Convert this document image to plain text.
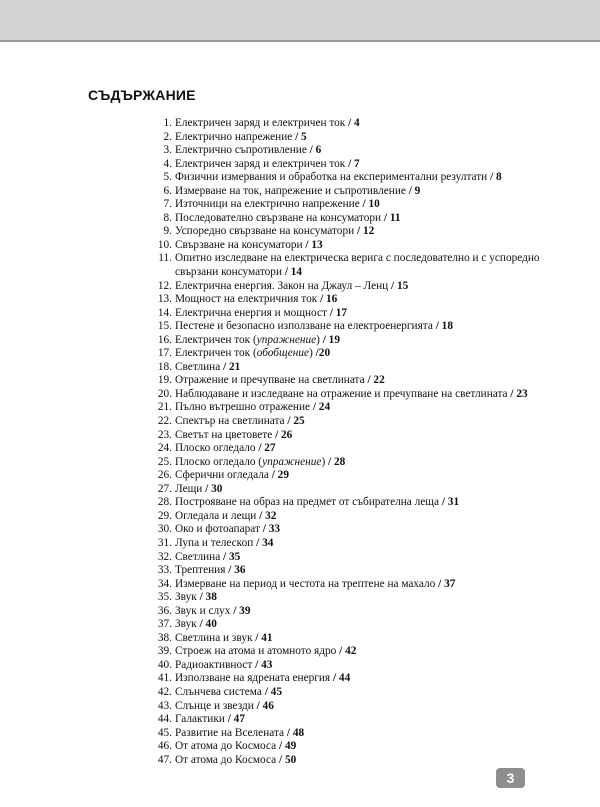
СЪДЪРЖАНИЕ
1. Електричен заряд и електричен ток / 4
2. Електрично напрежение / 5
3. Електрично съпротивление / 6
4. Електричен заряд и електричен ток / 7
5. Физични измервания и обработка на експериментални резултати / 8
6. Измерване на ток, напрежение и съпротивление / 9
7. Източници на електрично напрежение / 10
8. Последователно свързване на консуматори / 11
9. Успоредно свързване на консуматори / 12
10. Свързване на консуматори / 13
11. Опитно изследване на електрическа верига с последователно и с успоредно свързани консуматори / 14
12. Електрична енергия. Закон на Джаул – Ленц / 15
13. Мощност на електричния ток / 16
14. Електрична енергия и мощност / 17
15. Пестене и безопасно използване на електроенергията / 18
16. Електричен ток (упражнение) / 19
17. Електричен ток (обобщение) /20
18. Светлина / 21
19. Отражение и пречупване на светлината / 22
20. Наблюдаване и изследване на отражение и пречупване на светлината / 23
21. Пълно вътрешно отражение / 24
22. Спектър на светлината / 25
23. Светът на цветовете / 26
24. Плоско огледало / 27
25. Плоско огледало (упражнение) / 28
26. Сферични огледала / 29
27. Лещи / 30
28. Построяване на образ на предмет от събирателна леща / 31
29. Огледала и лещи / 32
30. Око и фотоапарат / 33
31. Лупа и телескоп / 34
32. Светлина / 35
33. Трептения / 36
34. Измерване на период и честота на трептене на махало / 37
35. Звук / 38
36. Звук и слух / 39
37. Звук / 40
38. Светлина и звук / 41
39. Строеж на атома и атомното ядро / 42
40. Радиоактивност / 43
41. Използване на ядрената енергия / 44
42. Слънчева система / 45
43. Слънце и звезди / 46
44. Галактики / 47
45. Развитие на Вселената / 48
46. От атома до Космоса / 49
47. От атома до Космоса / 50
3
